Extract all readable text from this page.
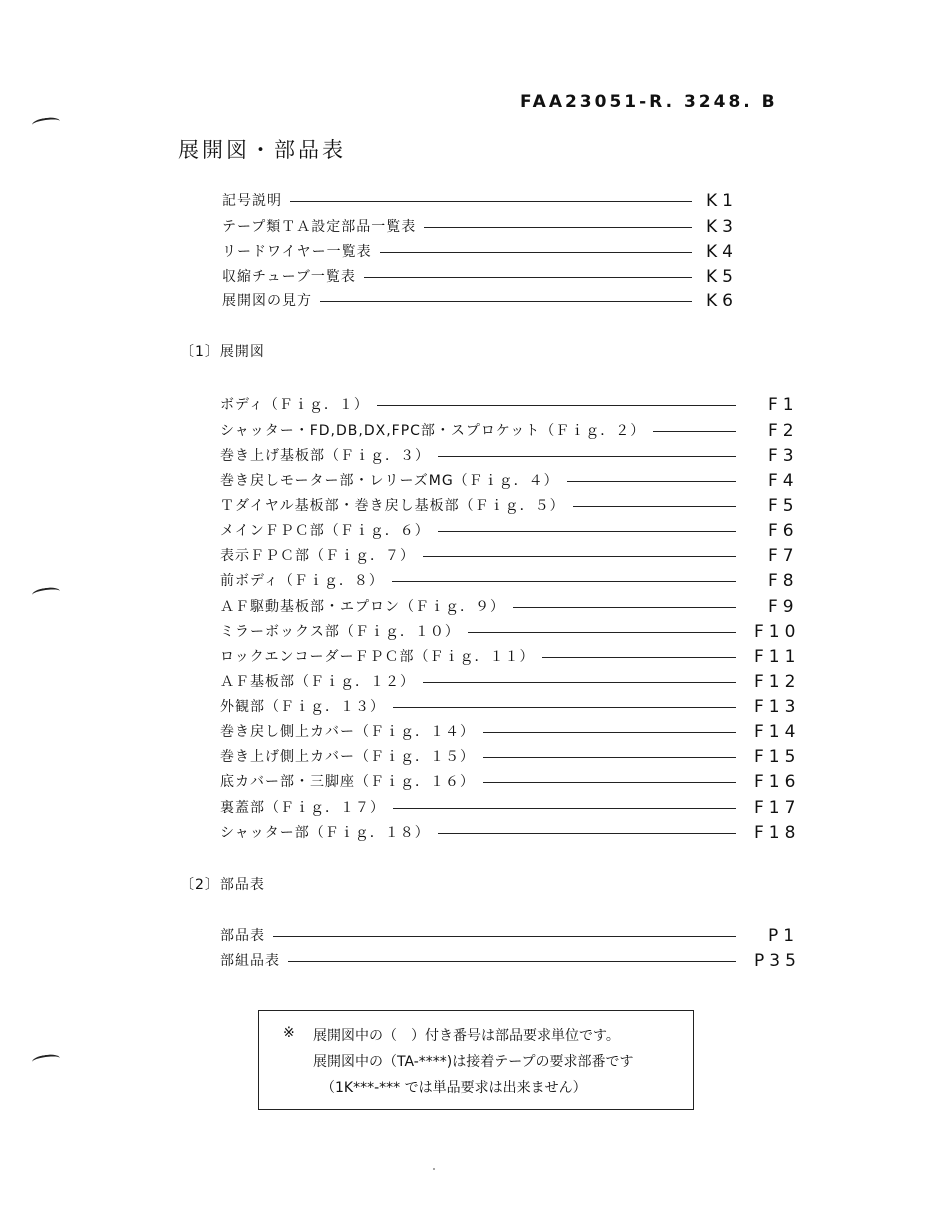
FAA23051-R. 3248. B
展開図・部品表
記号説明	K1
テープ類ＴＡ設定部品一覧表	K3
リードワイヤー一覧表	K4
収縮チューブ一覧表	K5
展開図の見方	K6
〔1〕展開図
ボディ（Ｆｉｇ．１）	F1
シャッター・FD,DB,DX,FPC部・スプロケット（Ｆｉｇ．２）	F2
巻き上げ基板部（Ｆｉｇ．３）	F3
巻き戻しモーター部・レリーズMG（Ｆｉｇ．４）	F4
Ｔダイヤル基板部・巻き戻し基板部（Ｆｉｇ．５）	F5
メインＦＰＣ部（Ｆｉｇ．６）	F6
表示ＦＰＣ部（Ｆｉｇ．７）	F7
前ボディ（Ｆｉｇ．８）	F8
ＡＦ駆動基板部・エプロン（Ｆｉｇ．９）	F9
ミラーボックス部（Ｆｉｇ．１０）	F10
ロックエンコーダーＦＰＣ部（Ｆｉｇ．１１）	F11
ＡＦ基板部（Ｆｉｇ．１２）	F12
外観部（Ｆｉｇ．１３）	F13
巻き戻し側上カバー（Ｆｉｇ．１４）	F14
巻き上げ側上カバー（Ｆｉｇ．１５）	F15
底カバー部・三脚座（Ｆｉｇ．１６）	F16
裏蓋部（Ｆｉｇ．１７）	F17
シャッター部（Ｆｉｇ．１８）	F18
〔2〕部品表
部品表	P1
部組品表	P35
※ 展開図中の（　）付き番号は部品要求単位です。
展開図中の（TA-****)は接着テープの要求部番です
（1K***-*** では単品要求は出来ません）
